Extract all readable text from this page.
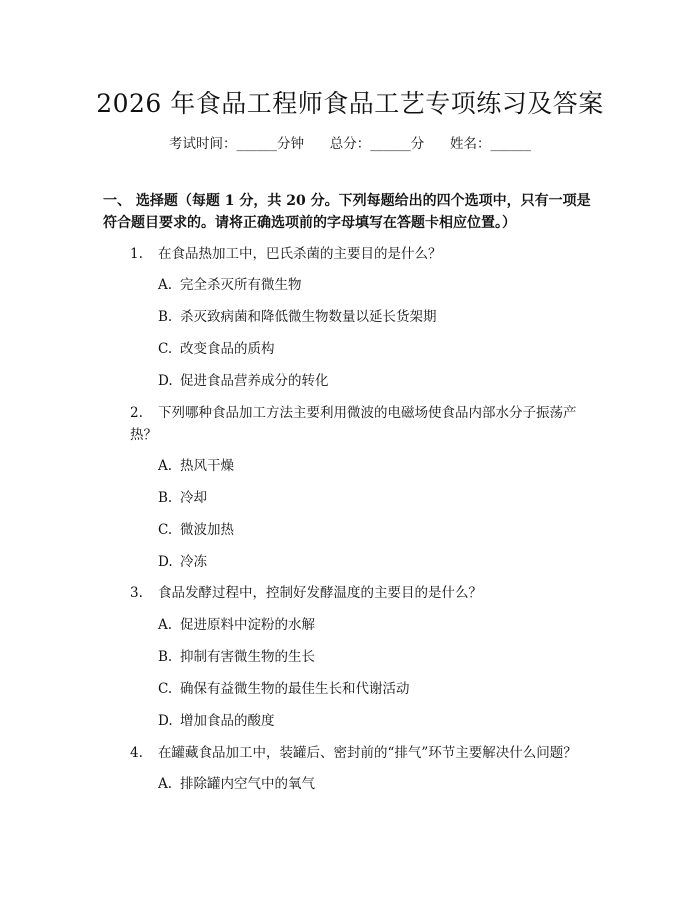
2026 年食品工程师食品工艺专项练习及答案
考试时间：______分钟      总分：______分      姓名：______
一、 选择题（每题 1 分，共 20 分。下列每题给出的四个选项中，只有一项是符合题目要求的。请将正确选项前的字母填写在答题卡相应位置。）
1. 在食品热加工中，巴氏杀菌的主要目的是什么？
A. 完全杀灭所有微生物
B. 杀灭致病菌和降低微生物数量以延长货架期
C. 改变食品的质构
D. 促进食品营养成分的转化
2. 下列哪种食品加工方法主要利用微波的电磁场使食品内部水分子振荡产热？
A. 热风干燥
B. 冷却
C. 微波加热
D. 冷冻
3. 食品发酵过程中，控制好发酵温度的主要目的是什么？
A. 促进原料中淀粉的水解
B. 抑制有害微生物的生长
C. 确保有益微生物的最佳生长和代谢活动
D. 增加食品的酸度
4. 在罐藏食品加工中，装罐后、密封前的“排气”环节主要解决什么问题？
A. 排除罐内空气中的氧气
